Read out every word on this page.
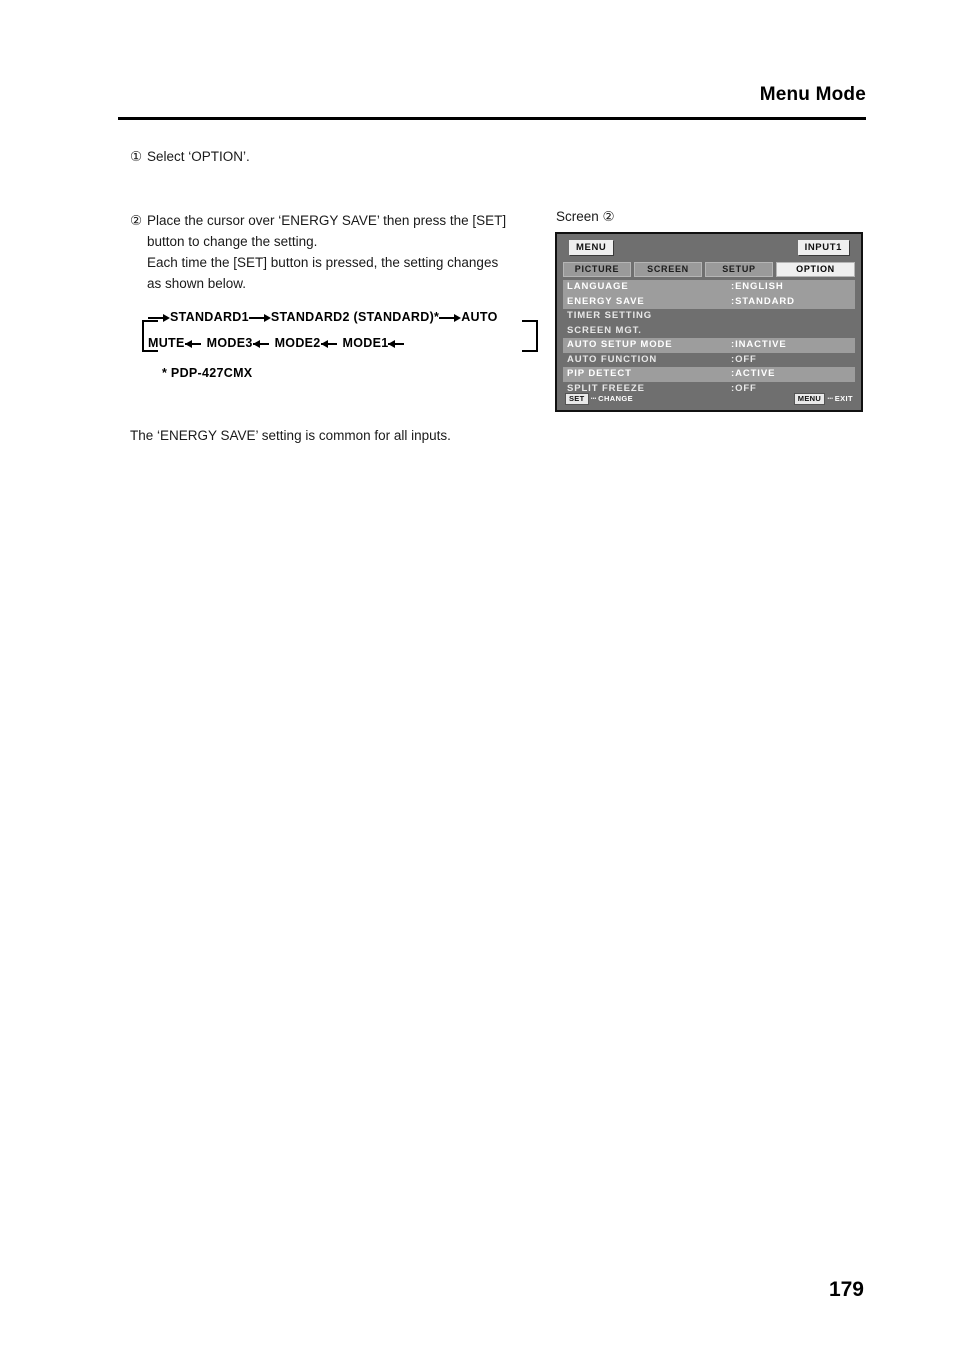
Menu Mode
① Select ‘OPTION’.
② Place the cursor over ‘ENERGY SAVE’ then press the [SET]
button to change the setting.
Each time the [SET] button is pressed, the setting changes
as shown below.
STANDARD1 STANDARD2 (STANDARD)* AUTO
MUTE MODE3 MODE2 MODE1
* PDP-427CMX
The ‘ENERGY SAVE’ setting is common for all inputs.
Screen ②
MENU	INPUT1
PICTURE	SCREEN	SETUP	OPTION
LANGUAGE	:ENGLISH
ENERGY SAVE	:STANDARD
TIMER SETTING
SCREEN MGT.
AUTO SETUP MODE	:INACTIVE
AUTO FUNCTION	:OFF
PIP DETECT	:ACTIVE
SPLIT FREEZE	:OFF
SET ‧‧‧ CHANGE	MENU ‧‧‧ EXIT
179
